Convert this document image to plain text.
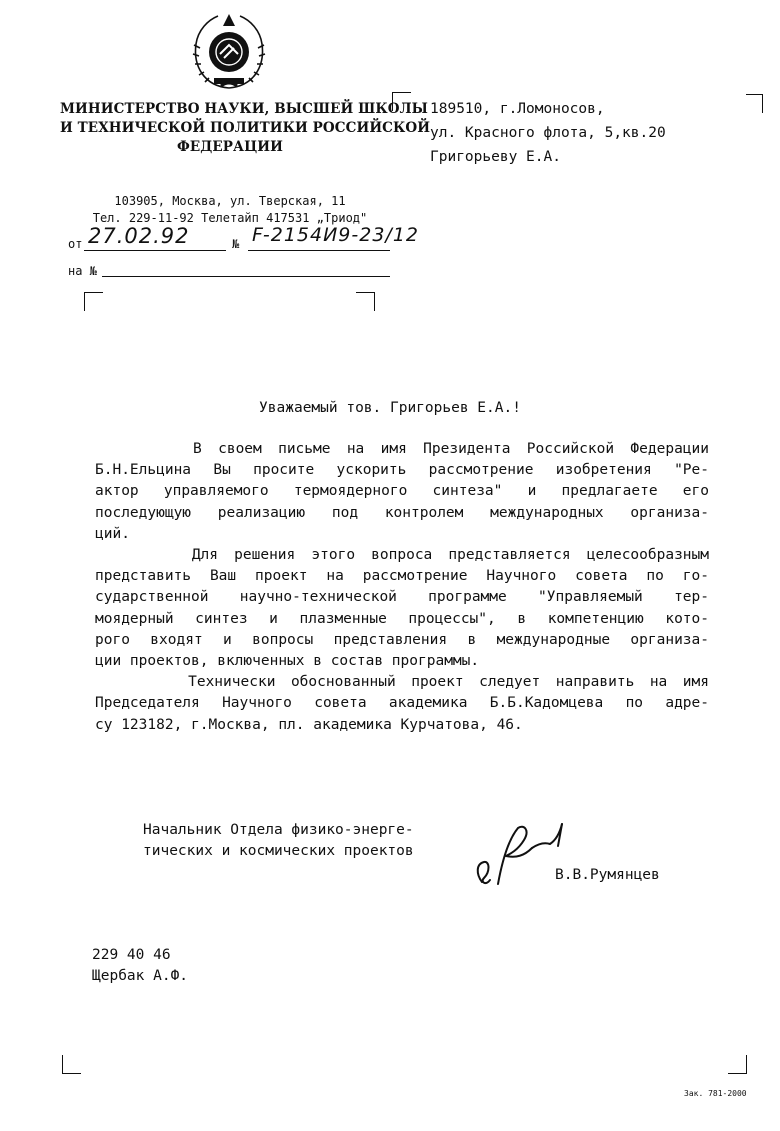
МИНИСТЕРСТВО НАУКИ, ВЫСШЕЙ ШКОЛЫ
И ТЕХНИЧЕСКОЙ ПОЛИТИКИ РОССИЙСКОЙ
ФЕДЕРАЦИИ
189510, г.Ломоносов,
ул. Красного флота, 5,кв.20
Григорьеву Е.А.
103905, Москва, ул. Тверская, 11
Тел. 229-11-92 Телетайп 417531 „Триод"
от 27.02.92	№ F-2154И9-23/12
на №
Уважаемый тов. Григорьев Е.А.!
В своем письме на имя Президента Российской Федерации
Б.Н.Ельцина Вы просите ускорить рассмотрение изобретения "Ре-
актор управляемого термоядерного синтеза" и предлагаете его
последующую реализацию под контролем международных организа-
ций.
Для решения этого вопроса представляется целесообразным
представить Ваш проект на рассмотрение Научного совета по го-
сударственной научно-технической программе "Управляемый тер-
моядерный синтез и плазменные процессы", в компетенцию кото-
рого входят и вопросы представления в международные организа-
ции проектов, включенных в состав программы.
Технически обоснованный проект следует направить на имя
Председателя Научного совета академика Б.Б.Кадомцева по адре-
су 123182, г.Москва, пл. академика Курчатова, 46.
Начальник Отдела физико-энерге-
тических и космических проектов
В.В.Румянцев
229 40 46
Щербак А.Ф.
Зак. 781-2000
